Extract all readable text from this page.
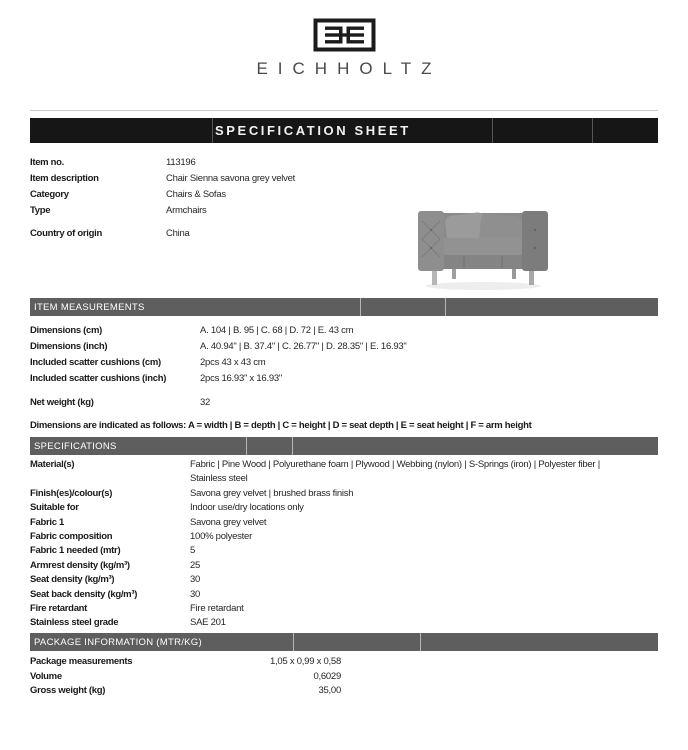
EICHHOLTZ
SPECIFICATION SHEET
Item no.	113196
Item description	Chair Sienna savona grey velvet
Category	Chairs & Sofas
Type	Armchairs
Country of origin	China
ITEM MEASUREMENTS
Dimensions (cm)	A. 104 | B. 95 | C. 68 | D. 72 | E. 43 cm
Dimensions (inch)	A. 40.94" | B. 37.4" | C. 26.77" | D. 28.35" | E. 16.93"
Included scatter cushions (cm)	2pcs 43 x 43 cm
Included scatter cushions (inch)	2pcs 16.93" x 16.93"
Net weight (kg)	32
Dimensions are indicated as follows: A = width | B = depth | C = height | D = seat depth | E = seat height | F = arm height
SPECIFICATIONS
Material(s)	Fabric | Pine Wood | Polyurethane foam | Plywood | Webbing (nylon) | S-Springs (iron) | Polyester fiber |
Stainless steel
Finish(es)/colour(s)	Savona grey velvet | brushed brass finish
Suitable for	Indoor use/dry locations only
Fabric 1	Savona grey velvet
Fabric composition	100% polyester
Fabric 1 needed (mtr)	5
Armrest density (kg/m³)	25
Seat density (kg/m³)	30
Seat back density (kg/m³)	30
Fire retardant	Fire retardant
Stainless steel grade	SAE 201
PACKAGE INFORMATION (MTR/KG)
Package measurements	1,05 x 0,99 x 0,58
Volume	0,6029
Gross weight (kg)	35,00
